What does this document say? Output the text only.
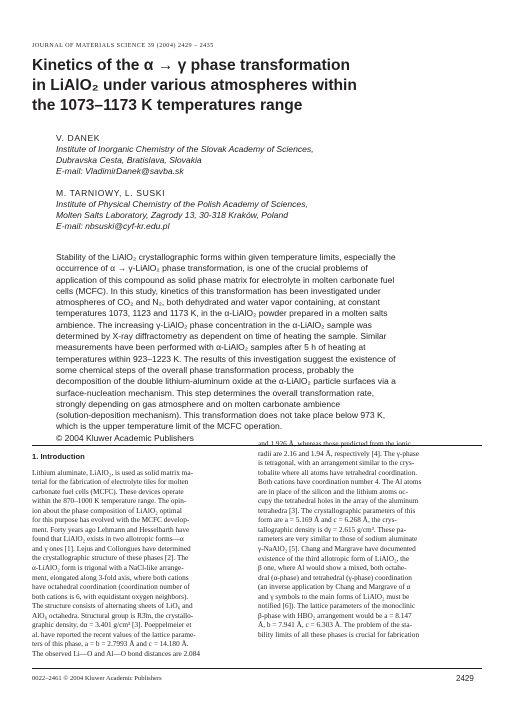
JOURNAL OF MATERIALS SCIENCE 39 (2004) 2429 – 2435
Kinetics of the α → γ phase transformation
in LiAlO₂ under various atmospheres within
the 1073–1173 K temperatures range
V. DANEK
Institute of Inorganic Chemistry of the Slovak Academy of Sciences,
Dubravska Cesta, Bratislava, Slovakia
E-mail: VladimirDanek@savba.sk
M. TARNIOWY, L. SUSKI
Institute of Physical Chemistry of the Polish Academy of Sciences,
Molten Salts Laboratory, Zagrody 13, 30-318 Kraków, Poland
E-mail: nbsuski@cyf-kr.edu.pl
Stability of the LiAlO₂ crystallographic forms within given temperature limits, especially the
occurrence of α → γ-LiAlO₂ phase transformation, is one of the crucial problems of
application of this compound as solid phase matrix for electrolyte in molten carbonate fuel
cells (MCFC). In this study, kinetics of this transformation has been investigated under
atmospheres of CO₂ and N₂, both dehydrated and water vapor containing, at constant
temperatures 1073, 1123 and 1173 K, in the α-LiAlO₂ powder prepared in a molten salts
ambience. The increasing γ-LiAlO₂ phase concentration in the α-LiAlO₂ sample was
determined by X-ray diffractometry as dependent on time of heating the sample. Similar
measurements have been performed with α-LiAlO₂ samples after 5 h of heating at
temperatures within 923–1223 K. The results of this investigation suggest the existence of
some chemical steps of the overall phase transformation process, probably the
decomposition of the double lithium-aluminum oxide at the α-LiAlO₂ particle surfaces via a
surface-nucleation mechanism. This step determines the overall transformation rate,
strongly depending on gas atmosphere and on molten carbonate ambience
(solution-deposition mechanism). This transformation does not take place below 973 K,
which is the upper temperature limit of the MCFC operation.
© 2004 Kluwer Academic Publishers
1. Introduction
Lithium aluminate, LiAlO₂, is used as solid matrix ma-
terial for the fabrication of electrolyte tiles for molten
carbonate fuel cells (MCFC). These devices operate
within the 870–1000 K temperature range. The opin-
ion about the phase composition of LiAlO₂ optimal
for this purpose has evolved with the MCFC develop-
ment. Forty years ago Lehmann and Hesselbarth have
found that LiAlO₂ exists in two allotropic forms—α
and γ ones [1]. Lejus and Collongues have determined
the crystallographic structure of these phases [2]. The
α-LiAlO₂ form is trigonal with a NaCl-like arrange-
ment, elongated along 3-fold axis, where both cations
have octahedral coordination (coordination number of
both cations is 6, with equidistant oxygen neighbors).
The structure consists of alternating sheets of LiO₆ and
AlO₆ octahedra. Structural group is R3̄m, the crystallo-
graphic density, dα = 3.401 g/cm³ [3]. Poeppelmeier et
al. have reported the recent values of the lattice parame-
ters of this phase, a = b = 2.7993 Å and c = 14.180 Å.
The observed Li—O and Al—O bond distances are 2.084
and 1.926 Å, whereas those predicted from the ionic
radii are 2.16 and 1.94 Å, respectively [4]. The γ-phase
is tetragonal, with an arrangement similar to the crys-
tobalite where all atoms have tetrahedral coordination.
Both cations have coordination number 4. The Al atoms
are in place of the silicon and the lithium atoms oc-
cupy the tetrahedral holes in the array of the aluminum
tetrahedra [3]. The crystallographic parameters of this
form are a = 5.169 Å and c = 6.268 Å, the crys-
tallographic density is dγ = 2.615 g/cm³. These pa-
rameters are very similar to those of sodium aluminate
γ-NaAlO₂ [5]. Chang and Margrave have documented
existence of the third allotropic form of LiAlO₂, the
β one, where Al would show a mixed, both octahe-
dral (α-phase) and tetrahedral (γ-phase) coordination
(an inverse application by Chang and Margrave of α
and γ symbols to the main forms of LiAlO₂ must be
notified [6]). The lattice parameters of the monoclinic
β-phase with HBO₂ arrangement would be a = 8.147
Å, b = 7.941 Å, c = 6.303 Å. The problem of the sta-
bility limits of all these phases is crucial for fabrication
0022–2461 © 2004 Kluwer Academic Publishers	2429
